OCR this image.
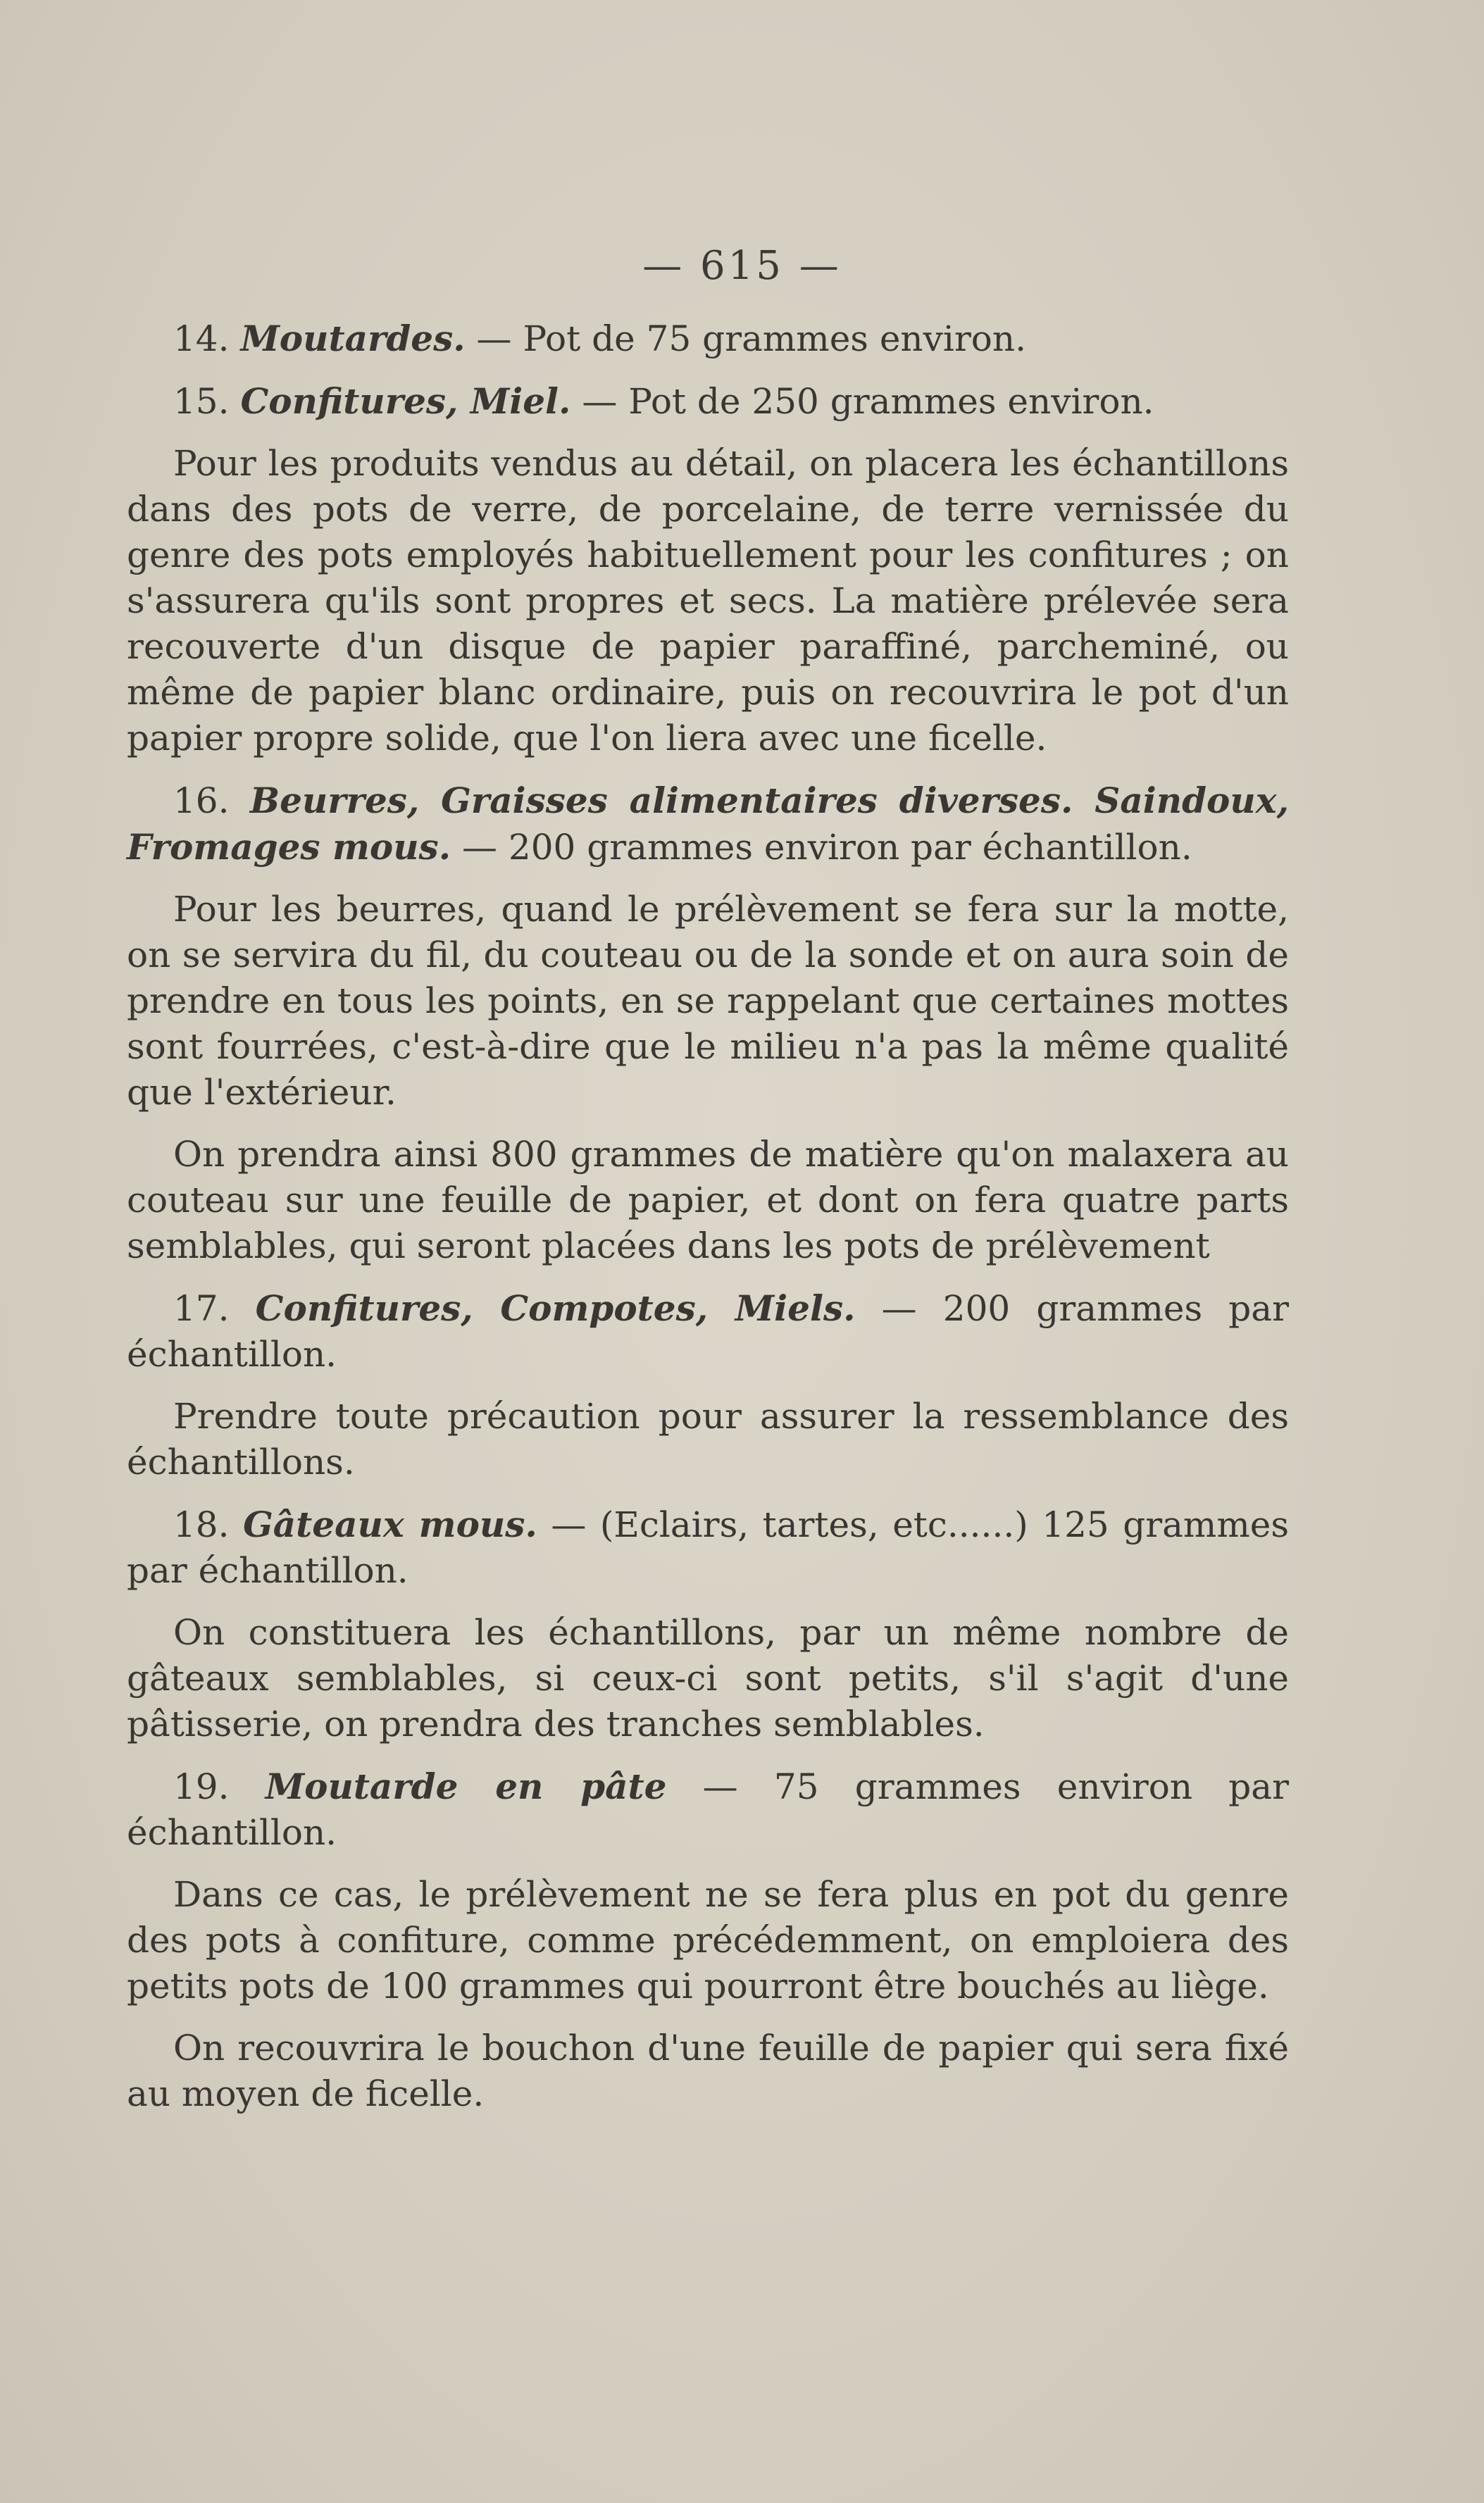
— 615 —

14. Moutardes. — Pot de 75 grammes environ.

15. Confitures, Miel. — Pot de 250 grammes environ.

Pour les produits vendus au détail, on placera les échantillons dans des pots de verre, de porcelaine, de terre vernissée du genre des pots employés habituellement pour les confitures ; on s'assurera qu'ils sont propres et secs. La matière prélevée sera recouverte d'un disque de papier paraffiné, parcheminé, ou même de papier blanc ordinaire, puis on recouvrira le pot d'un papier propre solide, que l'on liera avec une ficelle.

16. Beurres, Graisses alimentaires diverses. Saindoux, Fromages mous. — 200 grammes environ par échantillon.

Pour les beurres, quand le prélèvement se fera sur la motte, on se servira du fil, du couteau ou de la sonde et on aura soin de prendre en tous les points, en se rappelant que certaines mottes sont fourrées, c'est-à-dire que le milieu n'a pas la même qualité que l'extérieur.

On prendra ainsi 800 grammes de matière qu'on malaxera au couteau sur une feuille de papier, et dont on fera quatre parts semblables, qui seront placées dans les pots de prélèvement

17. Confitures, Compotes, Miels. — 200 grammes par échantillon.

Prendre toute précaution pour assurer la ressemblance des échantillons.

18. Gâteaux mous. — (Eclairs, tartes, etc......) 125 grammes par échantillon.

On constituera les échantillons, par un même nombre de gâteaux semblables, si ceux-ci sont petits, s'il s'agit d'une pâtisserie, on prendra des tranches semblables.

19. Moutarde en pâte — 75 grammes environ par échantillon.

Dans ce cas, le prélèvement ne se fera plus en pot du genre des pots à confiture, comme précédemment, on emploiera des petits pots de 100 grammes qui pourront être bouchés au liège.

On recouvrira le bouchon d'une feuille de papier qui sera fixé au moyen de ficelle.
